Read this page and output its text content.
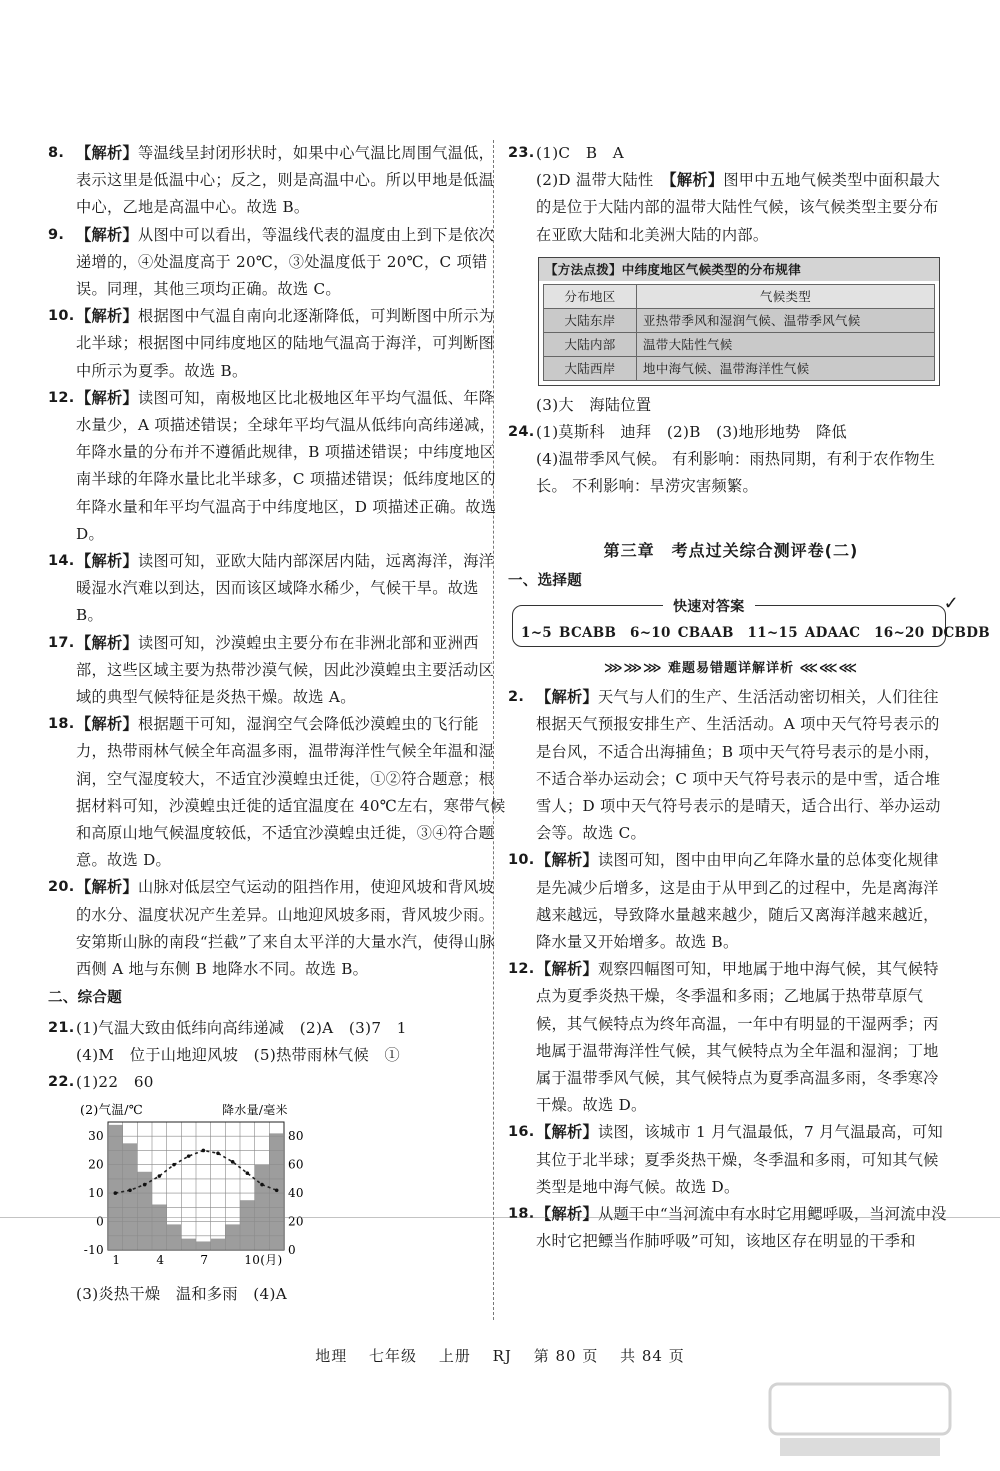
8. 【解析】等温线呈封闭形状时，如果中心气温比周围气温低，表示这里是低温中心；反之，则是高温中心。所以甲地是低温中心，乙地是高温中心。故选 B。
9. 【解析】从图中可以看出，等温线代表的温度由上到下是依次递增的，④处温度高于 20℃，③处温度低于 20℃，C 项错误。同理，其他三项均正确。故选 C。
10. 【解析】根据图中气温自南向北逐渐降低，可判断图中所示为北半球；根据图中同纬度地区的陆地气温高于海洋，可判断图中所示为夏季。故选 B。
12. 【解析】读图可知，南极地区比北极地区年平均气温低、年降水量少，A 项描述错误；全球年平均气温从低纬向高纬递减，年降水量的分布并不遵循此规律，B 项描述错误；中纬度地区南半球的年降水量比北半球多，C 项描述错误；低纬度地区的年降水量和年平均气温高于中纬度地区，D 项描述正确。故选 D。
14. 【解析】读图可知，亚欧大陆内部深居内陆，远离海洋，海洋暖湿水汽难以到达，因而该区域降水稀少，气候干旱。故选 B。
17. 【解析】读图可知，沙漠蝗虫主要分布在非洲北部和亚洲西部，这些区域主要为热带沙漠气候，因此沙漠蝗虫主要活动区域的典型气候特征是炎热干燥。故选 A。
18. 【解析】根据题干可知，湿润空气会降低沙漠蝗虫的飞行能力，热带雨林气候全年高温多雨，温带海洋性气候全年温和湿润，空气湿度较大，不适宜沙漠蝗虫迁徙，①②符合题意；根据材料可知，沙漠蝗虫迁徙的适宜温度在 40℃左右，寒带气候和高原山地气候温度较低，不适宜沙漠蝗虫迁徙，③④符合题意。故选 D。
20. 【解析】山脉对低层空气运动的阻挡作用，使迎风坡和背风坡的水分、温度状况产生差异。山地迎风坡多雨，背风坡少雨。安第斯山脉的南段“拦截”了来自太平洋的大量水汽，使得山脉西侧 A 地与东侧 B 地降水不同。故选 B。
二、综合题
21. (1)气温大致由低纬向高纬递减　(2)A　(3)7　1
(4)M　位于山地迎风坡　(5)热带雨林气候　①
22. (1)22　60
(2)气温/℃	降水量/毫米
30
20
10
0
-10
80
60
40
20
0
1	4	7	10(月)
(3)炎热干燥　温和多雨　(4)A
23. (1)C　B　A
(2)D 温带大陆性　【解析】图甲中五地气候类型中面积最大的是位于大陆内部的温带大陆性气候，该气候类型主要分布在亚欧大陆和北美洲大陆的内部。
【方法点拨】中纬度地区气候类型的分布规律
分布地区	气候类型
大陆东岸	亚热带季风和湿润气候、温带季风气候
大陆内部	温带大陆性气候
大陆西岸	地中海气候、温带海洋性气候
(3)大　海陆位置
24. (1)莫斯科　迪拜　(2)B　(3)地形地势　降低
(4)温带季风气候。 有利影响：雨热同期，有利于农作物生长。 不利影响：旱涝灾害频繁。
第三章　考点过关综合测评卷(二)
一、选择题
快速对答案
1~5 BCABB　6~10 CBAAB　11~15 ADAAC　16~20 DCBDB
✓
⋙⋙⋙ 难题易错题详解详析 ⋘⋘⋘
2. 【解析】天气与人们的生产、生活活动密切相关，人们往往根据天气预报安排生产、生活活动。A 项中天气符号表示的是台风，不适合出海捕鱼；B 项中天气符号表示的是小雨，不适合举办运动会；C 项中天气符号表示的是中雪，适合堆雪人；D 项中天气符号表示的是晴天，适合出行、举办运动会等。故选 C。
10. 【解析】读图可知，图中由甲向乙年降水量的总体变化规律是先减少后增多，这是由于从甲到乙的过程中，先是离海洋越来越远，导致降水量越来越少，随后又离海洋越来越近，降水量又开始增多。故选 B。
12. 【解析】观察四幅图可知，甲地属于地中海气候，其气候特点为夏季炎热干燥，冬季温和多雨；乙地属于热带草原气候，其气候特点为终年高温，一年中有明显的干湿两季；丙地属于温带海洋性气候，其气候特点为全年温和湿润；丁地属于温带季风气候，其气候特点为夏季高温多雨，冬季寒冷干燥。故选 D。
16. 【解析】读图，该城市 1 月气温最低，7 月气温最高，可知其位于北半球；夏季炎热干燥，冬季温和多雨，可知其气候类型是地中海气候。故选 D。
18. 【解析】从题干中“当河流中有水时它用鳃呼吸，当河流中没水时它把鳔当作肺呼吸”可知，该地区存在明显的干季和
地理 七年级 上册 RJ 第 80 页 共 84 页
